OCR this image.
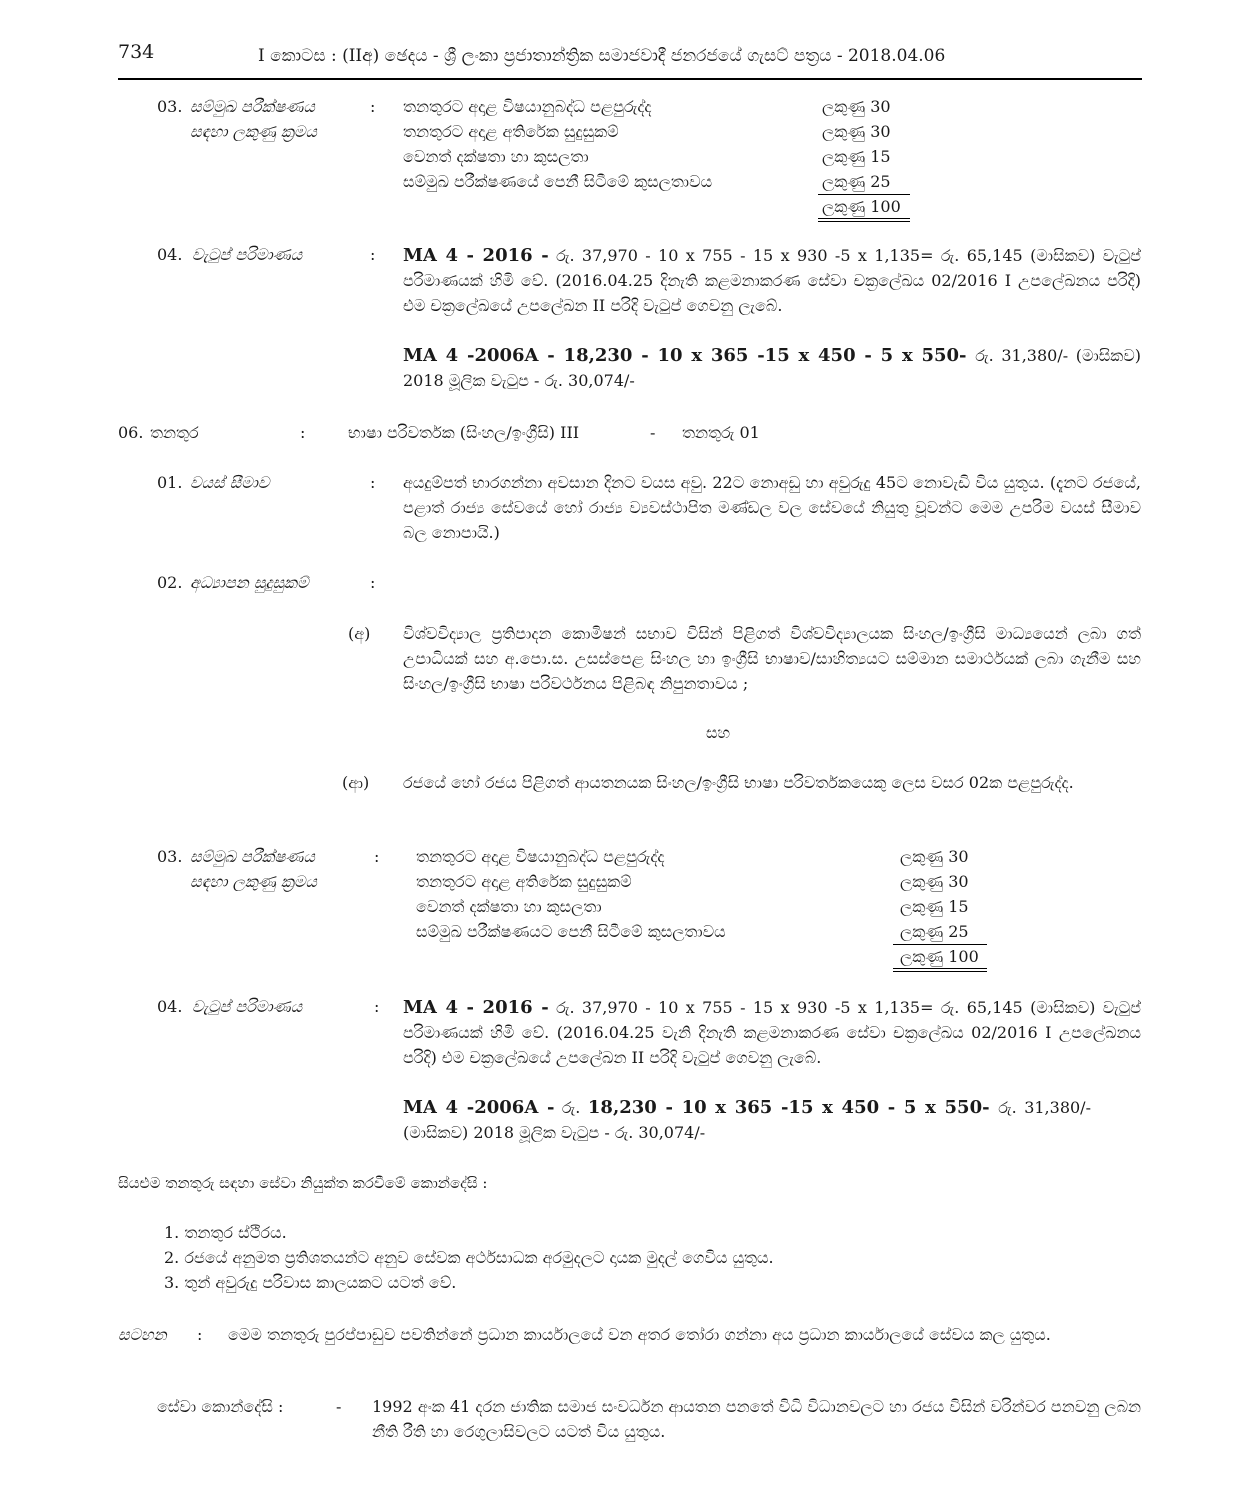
734	I කොටස : (IIඅ) ඡෙදය - ශ්‍රී ලංකා ප්‍රජාතාන්ත්‍රික සමාජවාදී ජනරජයේ ගැසට් පත්‍රය - 2018.04.06
03. සම්මුඛ පරීක්ෂණය
සඳහා ලකුණු ක්‍රමය
: තනතුරට අදාළ විෂයානුබද්ධ පළපුරුද්ද	ලකුණු 30
තනතුරට අදාළ අතිරේක සුදුසුකම්	ලකුණු 30
වෙනත් දක්ෂතා හා කුසලතා	ලකුණු 15
සම්මුඛ පරීක්ෂණයේ පෙනී සිටීමේ කුසලතාවය	ලකුණු 25
ලකුණු 100
04. වැටුප් පරිමාණය	: MA 4 - 2016 - රු. 37,970 - 10 x 755 - 15 x 930 -5 x 1,135= රු. 65,145 (මාසිකව) වැටුප් පරිමාණයක් හිමි වේ. (2016.04.25 දිනැති කළමනාකරණ සේවා චක්‍රලේඛය 02/2016 I උපලේඛනය පරිදි) එම චක්‍රලේඛයේ උපලේඛන II පරිදි වැටුප් ගෙවනු ලැබේ.
MA 4 -2006A - 18,230 - 10 x 365 -15 x 450 - 5 x 550- රු. 31,380/- (මාසිකව) 2018 මූලික වැටුප - රු. 30,074/-
06. තනතුර	:	භාෂා පරිවර්තක (සිංහල/ඉංග්‍රීසි) III	- තනතුරු 01
01. වයස් සීමාව	: අයදුම්පත් භාරගන්නා අවසාන දිනට වයස අවු. 22ට නොඅඩු හා අවුරුදු 45ට නොවැඩි විය යුතුය. (දැනට රජයේ, පළාත් රාජ්‍ය සේවයේ හෝ රාජ්‍ය ව්‍යවස්ථාපිත මණ්ඩල වල සේවයේ නියුතු වූවන්ට මෙම උපරිම වයස් සීමාව බල නොපායි.)
02. අධ්‍යාපන සුදුසුකම්	:
(අ) විශ්වවිද්‍යාල ප්‍රතිපාදන කොමිෂන් සභාව විසින් පිළිගත් විශ්වවිද්‍යාලයක සිංහල/ඉංග්‍රීසි මාධ්‍යයෙන් ලබා ගත් උපාධියක් සහ අ.පො.ස. උසස්පෙළ සිංහල හා ඉංග්‍රීසි භාෂාව/සාහිත්‍යයට සම්මාන සමාර්ථයක් ලබා ගැනීම සහ සිංහල/ඉංග්‍රීසි භාෂා පරිවර්ථනය පිළිබඳ නිපුනතාවය ;
සහ
(ආ) රජයේ හෝ රජය පිළිගත් ආයතනයක සිංහල/ඉංග්‍රීසි භාෂා පරිවර්තකයෙකු ලෙස වසර 02ක පළපුරුද්ද.
03. සම්මුඛ පරීක්ෂණය
සඳහා ලකුණු ක්‍රමය
: තනතුරට අදාළ විෂයානුබද්ධ පළපුරුද්ද	ලකුණු 30
තනතුරට අදාළ අතිරේක සුදුසුකම්	ලකුණු 30
වෙනත් දක්ෂතා හා කුසලතා	ලකුණු 15
සම්මුඛ පරීක්ෂණයට පෙනී සිටීමේ කුසලතාවය	ලකුණු 25
ලකුණු 100
04. වැටුප් පරිමාණය	: MA 4 - 2016 - රු. 37,970 - 10 x 755 - 15 x 930 -5 x 1,135= රු. 65,145 (මාසිකව) වැටුප් පරිමාණයක් හිමි වේ. (2016.04.25 වැනි දිනැති කළමනාකරණ සේවා චක්‍රලේඛය 02/2016 I උපලේඛනය පරිදි) එම චක්‍රලේඛයේ උපලේඛන II පරිදි වැටුප් ගෙවනු ලැබේ.
MA 4 -2006A - රු. 18,230 - 10 x 365 -15 x 450 - 5 x 550- රු. 31,380/- (මාසිකව) 2018 මූලික වැටුප - රු. 30,074/-
සියළුම තනතුරු සඳහා සේවා නියුක්ත කරවීමේ කොන්දේසි :
1. තනතුර ස්ථිරය.
2. රජයේ අනුමත ප්‍රතිශතයන්ට අනුව සේවක අර්ථසාධක අරමුදලට දායක මුදල් ගෙවිය යුතුය.
3. තුන් අවුරුදු පරිවාස කාලයකට යටත් වේ.
සටහන : මෙම තනතුරු පුරප්පාඩුව පවතින්නේ ප්‍රධාන කාර්යාලයේ වන අතර තෝරා ගන්නා අය ප්‍රධාන කාර්යාලයේ සේවය කල යුතුය.
සේවා කොන්දේසි :	- 1992 අංක 41 දරන ජාතික සමාජ සංවර්ධන ආයතන පනතේ විධි විධානවලට හා රජය විසින් වරින්වර පනවනු ලබන නීති රීති හා රෙගුලාසිවලට යටත් විය යුතුය.
